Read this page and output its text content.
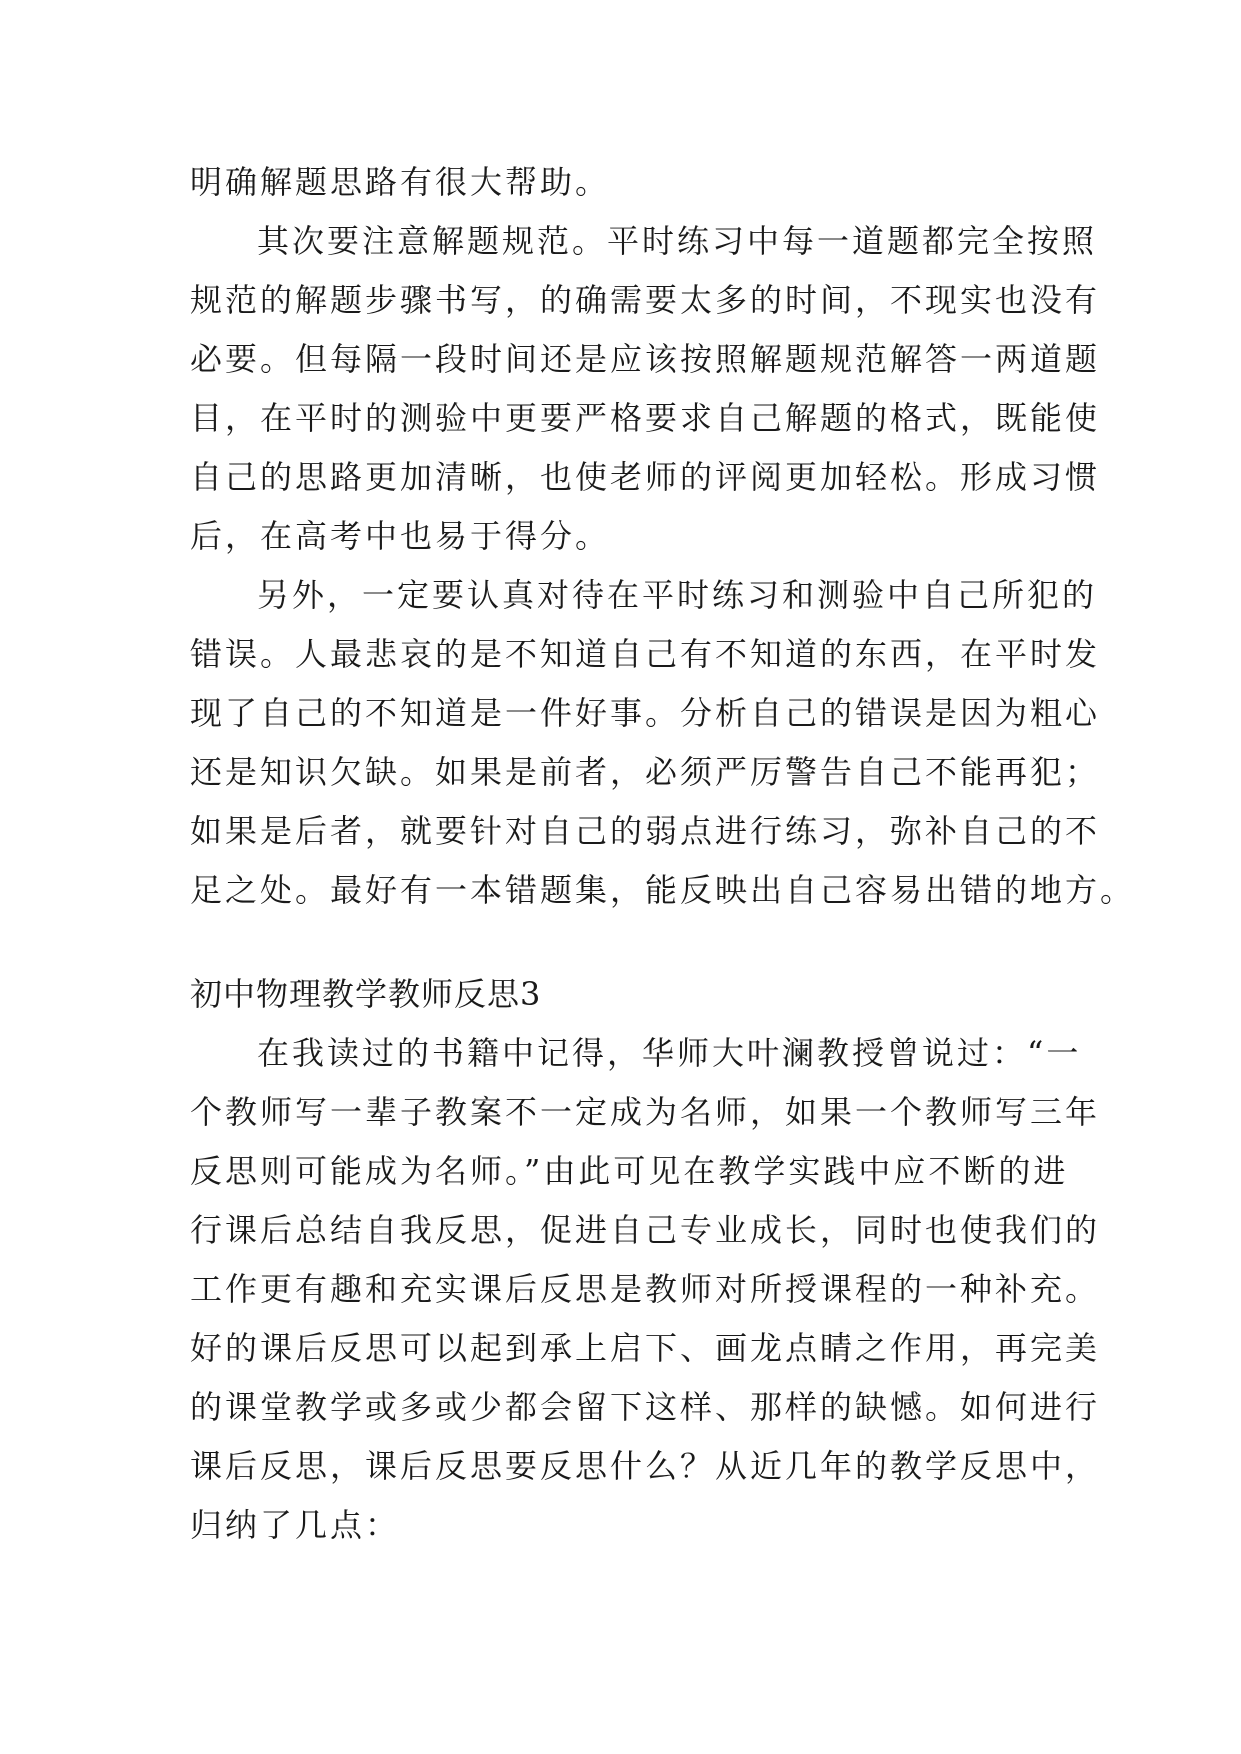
明确解题思路有很大帮助。
其次要注意解题规范。平时练习中每一道题都完全按照
规范的解题步骤书写，的确需要太多的时间，不现实也没有
必要。但每隔一段时间还是应该按照解题规范解答一两道题
目，在平时的测验中更要严格要求自己解题的格式，既能使
自己的思路更加清晰，也使老师的评阅更加轻松。形成习惯
后，在高考中也易于得分。
另外，一定要认真对待在平时练习和测验中自己所犯的
错误。人最悲哀的是不知道自己有不知道的东西，在平时发
现了自己的不知道是一件好事。分析自己的错误是因为粗心
还是知识欠缺。如果是前者，必须严厉警告自己不能再犯；
如果是后者，就要针对自己的弱点进行练习，弥补自己的不
足之处。最好有一本错题集，能反映出自己容易出错的地方。
初中物理教学教师反思3
在我读过的书籍中记得，华师大叶澜教授曾说过：“一
个教师写一辈子教案不一定成为名师，如果一个教师写三年
反思则可能成为名师。”由此可见在教学实践中应不断的进
行课后总结自我反思，促进自己专业成长，同时也使我们的
工作更有趣和充实课后反思是教师对所授课程的一种补充。
好的课后反思可以起到承上启下、画龙点睛之作用，再完美
的课堂教学或多或少都会留下这样、那样的缺憾。如何进行
课后反思，课后反思要反思什么？从近几年的教学反思中，
归纳了几点：
